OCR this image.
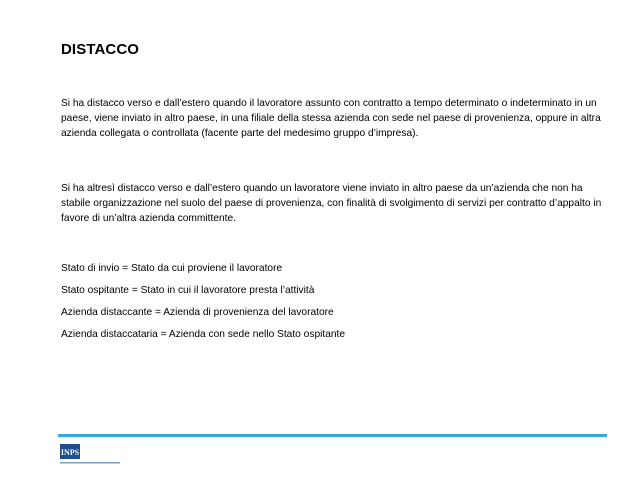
DISTACCO
Si ha distacco verso e dall’estero quando il lavoratore assunto con contratto a tempo determinato o indeterminato in un paese, viene inviato in altro paese, in una filiale della stessa azienda con sede nel paese di provenienza, oppure in altra azienda collegata o controllata (facente parte del medesimo gruppo d’impresa).
Si ha altresì distacco verso e dall’estero quando un lavoratore viene inviato in altro paese da un’azienda che non ha stabile organizzazione nel suolo del paese di provenienza, con finalità di svolgimento di servizi per contratto d’appalto in favore di un’altra azienda committente.
Stato di invio = Stato da cui proviene il lavoratore
Stato ospitante = Stato in cui il lavoratore presta l’attività
Azienda distaccante = Azienda di provenienza del lavoratore
Azienda distaccataria = Azienda con sede nello Stato ospitante
INPS
